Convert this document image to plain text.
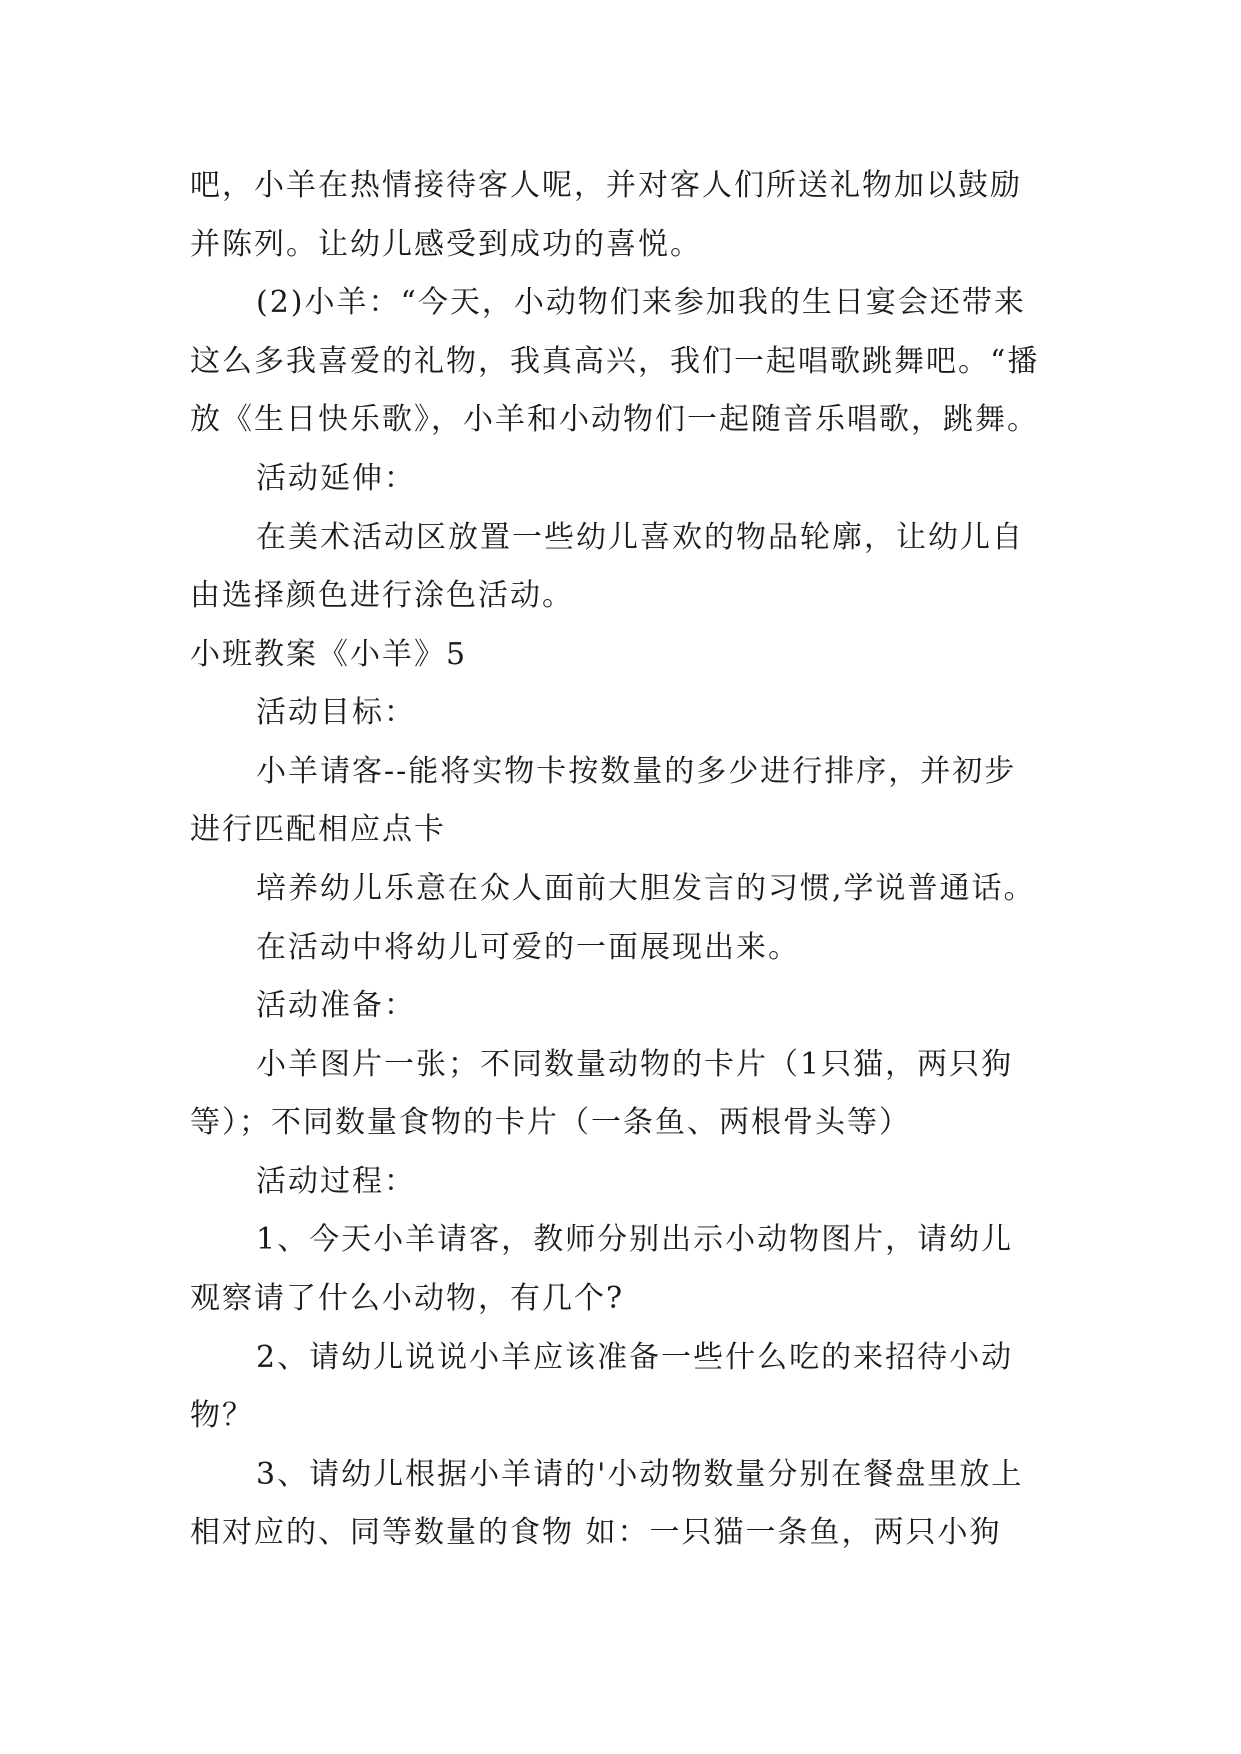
吧，小羊在热情接待客人呢，并对客人们所送礼物加以鼓励
并陈列。让幼儿感受到成功的喜悦。
(2)小羊：“今天，小动物们来参加我的生日宴会还带来
这么多我喜爱的礼物，我真高兴，我们一起唱歌跳舞吧。“播
放《生日快乐歌》，小羊和小动物们一起随音乐唱歌，跳舞。
活动延伸：
在美术活动区放置一些幼儿喜欢的物品轮廓，让幼儿自
由选择颜色进行涂色活动。
小班教案《小羊》5
活动目标：
小羊请客--能将实物卡按数量的多少进行排序，并初步
进行匹配相应点卡
培养幼儿乐意在众人面前大胆发言的习惯,学说普通话。
在活动中将幼儿可爱的一面展现出来。
活动准备：
小羊图片一张；不同数量动物的卡片（1只猫，两只狗
等）；不同数量食物的卡片（一条鱼、两根骨头等）
活动过程：
1、今天小羊请客，教师分别出示小动物图片，请幼儿
观察请了什么小动物，有几个?
2、请幼儿说说小羊应该准备一些什么吃的来招待小动
物？
3、请幼儿根据小羊请的'小动物数量分别在餐盘里放上
相对应的、同等数量的食物 如：一只猫一条鱼，两只小狗
